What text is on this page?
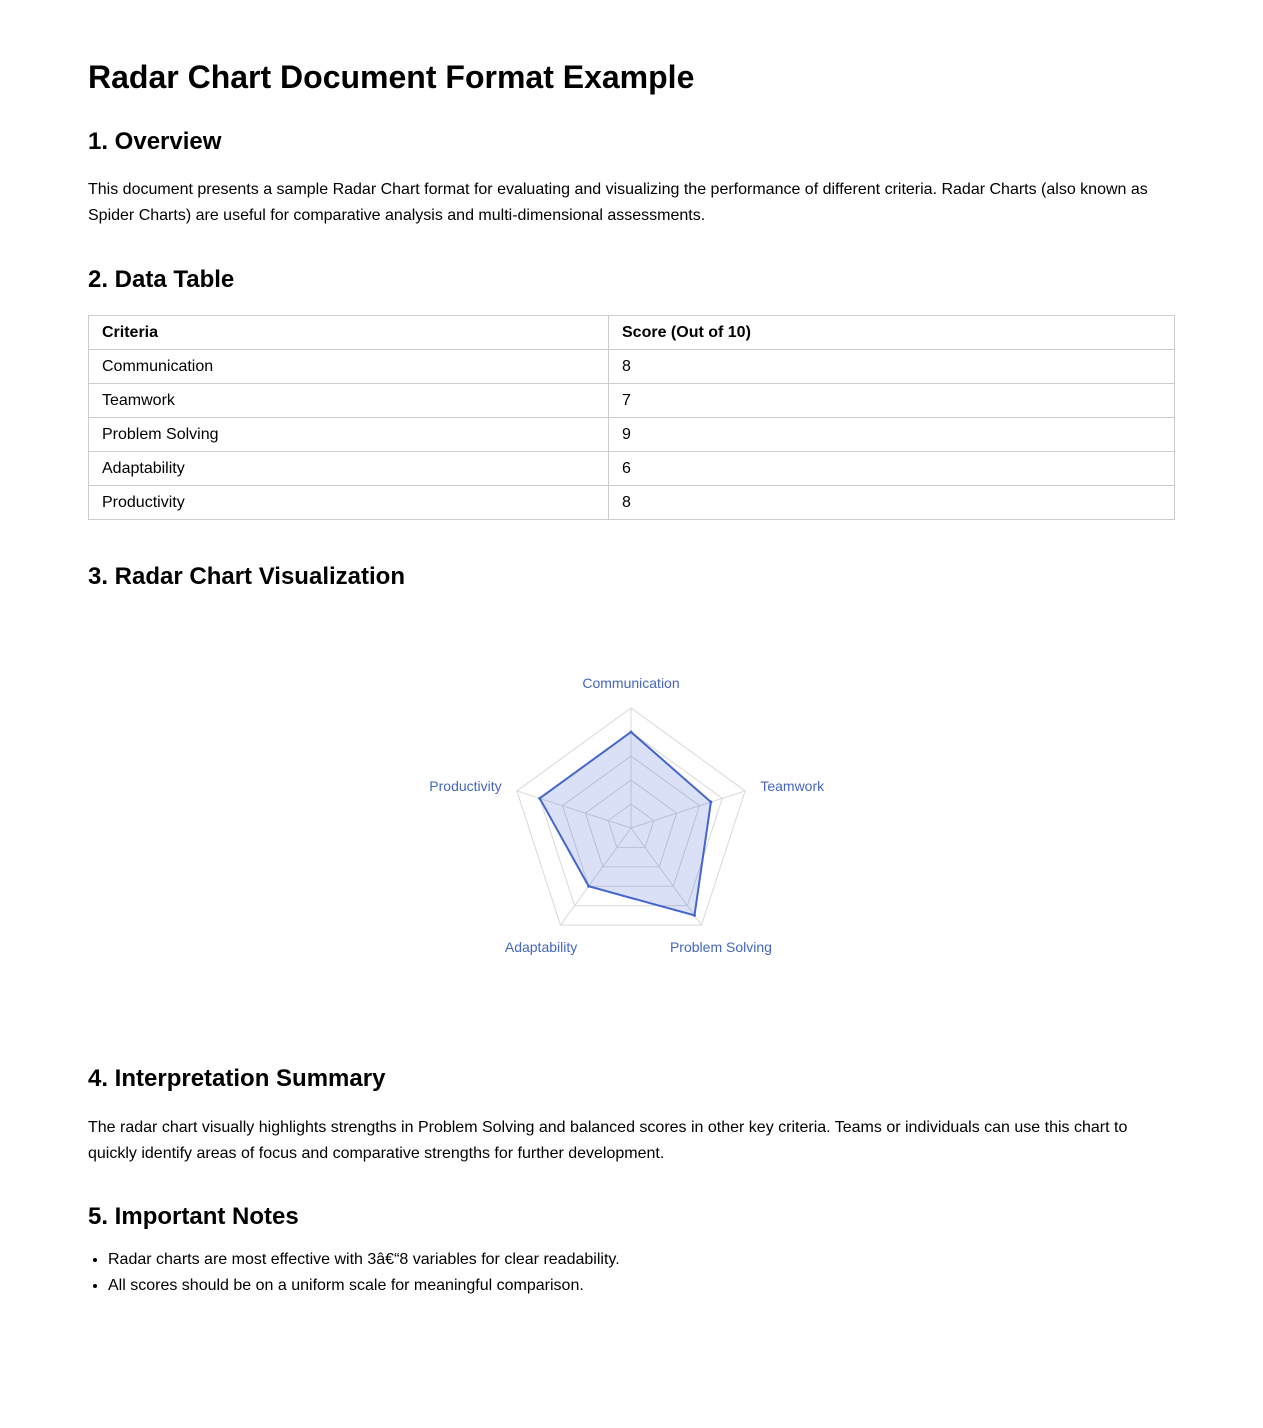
Radar Chart Document Format Example
1. Overview

This document presents a sample Radar Chart format for evaluating and visualizing the performance of different criteria. Radar Charts (also known as Spider Charts) are useful for comparative analysis and multi-dimensional assessments.

2. Data Table
Criteria	Score (Out of 10)
Communication	8
Teamwork	7
Problem Solving	9
Adaptability	6
Productivity	8
3. Radar Chart Visualization
Communication
Teamwork
Problem Solving
Adaptability
Productivity
4. Interpretation Summary

The radar chart visually highlights strengths in Problem Solving and balanced scores in other key criteria. Teams or individuals can use this chart to quickly identify areas of focus and comparative strengths for further development.

5. Important Notes
• Radar charts are most effective with 3â€“8 variables for clear readability.
• All scores should be on a uniform scale for meaningful comparison.
